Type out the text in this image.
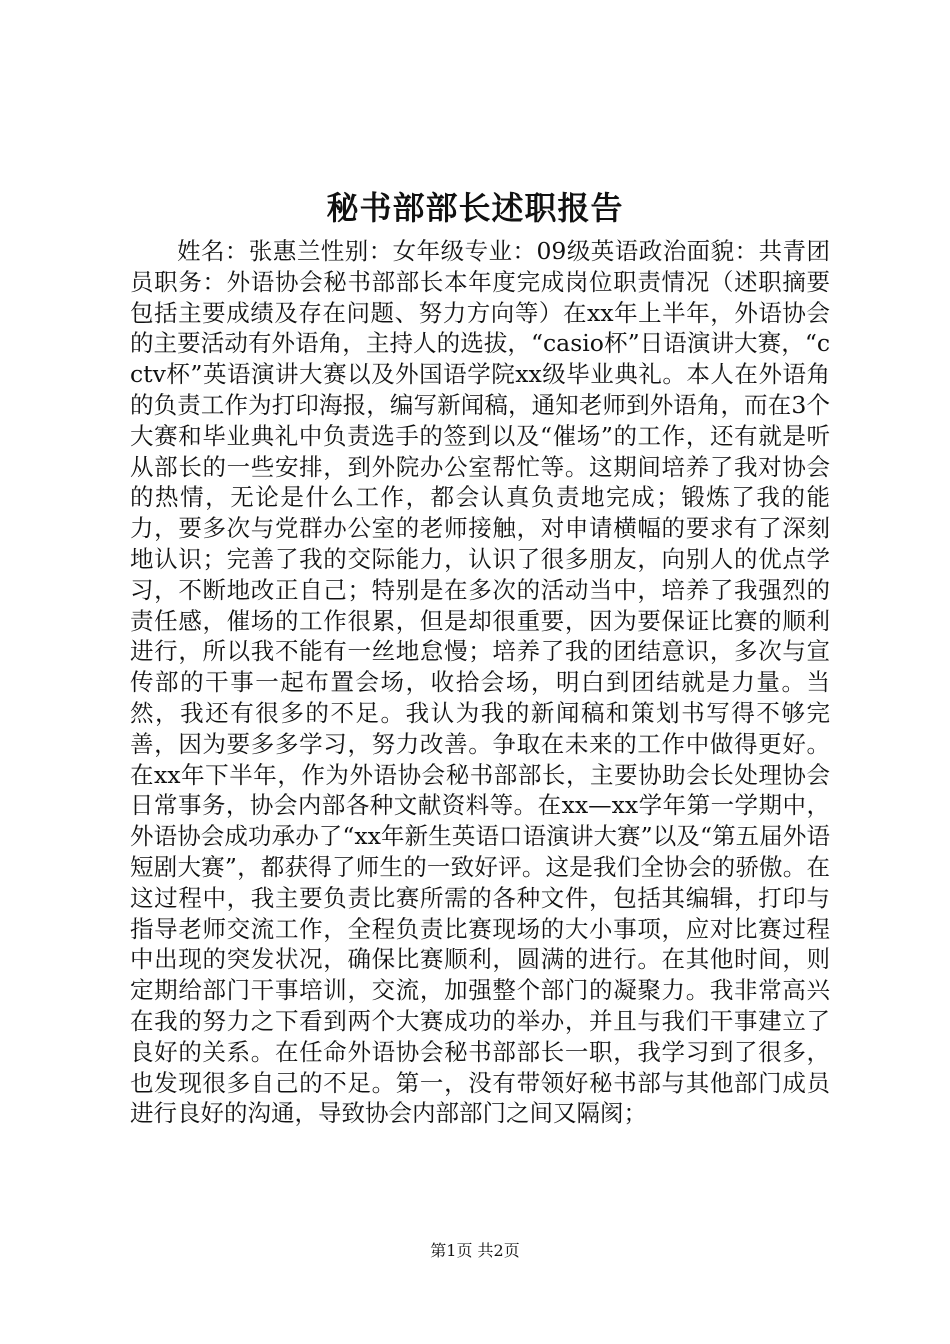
秘书部部长述职报告

姓名：张惠兰性别：女年级专业：09级英语政治面貌：共青团员职务：外语协会秘书部部长本年度完成岗位职责情况（述职摘要包括主要成绩及存在问题、努力方向等）在xx年上半年，外语协会的主要活动有外语角，主持人的选拔，“casio杯”日语演讲大赛，“cctv杯”英语演讲大赛以及外国语学院xx级毕业典礼。本人在外语角的负责工作为打印海报，编写新闻稿，通知老师到外语角，而在3个大赛和毕业典礼中负责选手的签到以及“催场”的工作，还有就是听从部长的一些安排，到外院办公室帮忙等。这期间培养了我对协会的热情，无论是什么工作，都会认真负责地完成；锻炼了我的能力，要多次与党群办公室的老师接触，对申请横幅的要求有了深刻地认识；完善了我的交际能力，认识了很多朋友，向别人的优点学习，不断地改正自己；特别是在多次的活动当中，培养了我强烈的责任感，催场的工作很累，但是却很重要，因为要保证比赛的顺利进行，所以我不能有一丝地怠慢；培养了我的团结意识，多次与宣传部的干事一起布置会场，收拾会场，明白到团结就是力量。当然，我还有很多的不足。我认为我的新闻稿和策划书写得不够完善，因为要多多学习，努力改善。争取在未来的工作中做得更好。在xx年下半年，作为外语协会秘书部部长，主要协助会长处理协会日常事务，协会内部各种文献资料等。在xx—xx学年第一学期中，外语协会成功承办了“xx年新生英语口语演讲大赛”以及“第五届外语短剧大赛”，都获得了师生的一致好评。这是我们全协会的骄傲。在这过程中，我主要负责比赛所需的各种文件，包括其编辑，打印与指导老师交流工作，全程负责比赛现场的大小事项，应对比赛过程中出现的突发状况，确保比赛顺利，圆满的进行。在其他时间，则定期给部门干事培训，交流，加强整个部门的凝聚力。我非常高兴在我的努力之下看到两个大赛成功的举办，并且与我们干事建立了良好的关系。在任命外语协会秘书部部长一职，我学习到了很多，也发现很多自己的不足。第一，没有带领好秘书部与其他部门成员进行良好的沟通，导致协会内部部门之间又隔阂；

第1页 共2页
